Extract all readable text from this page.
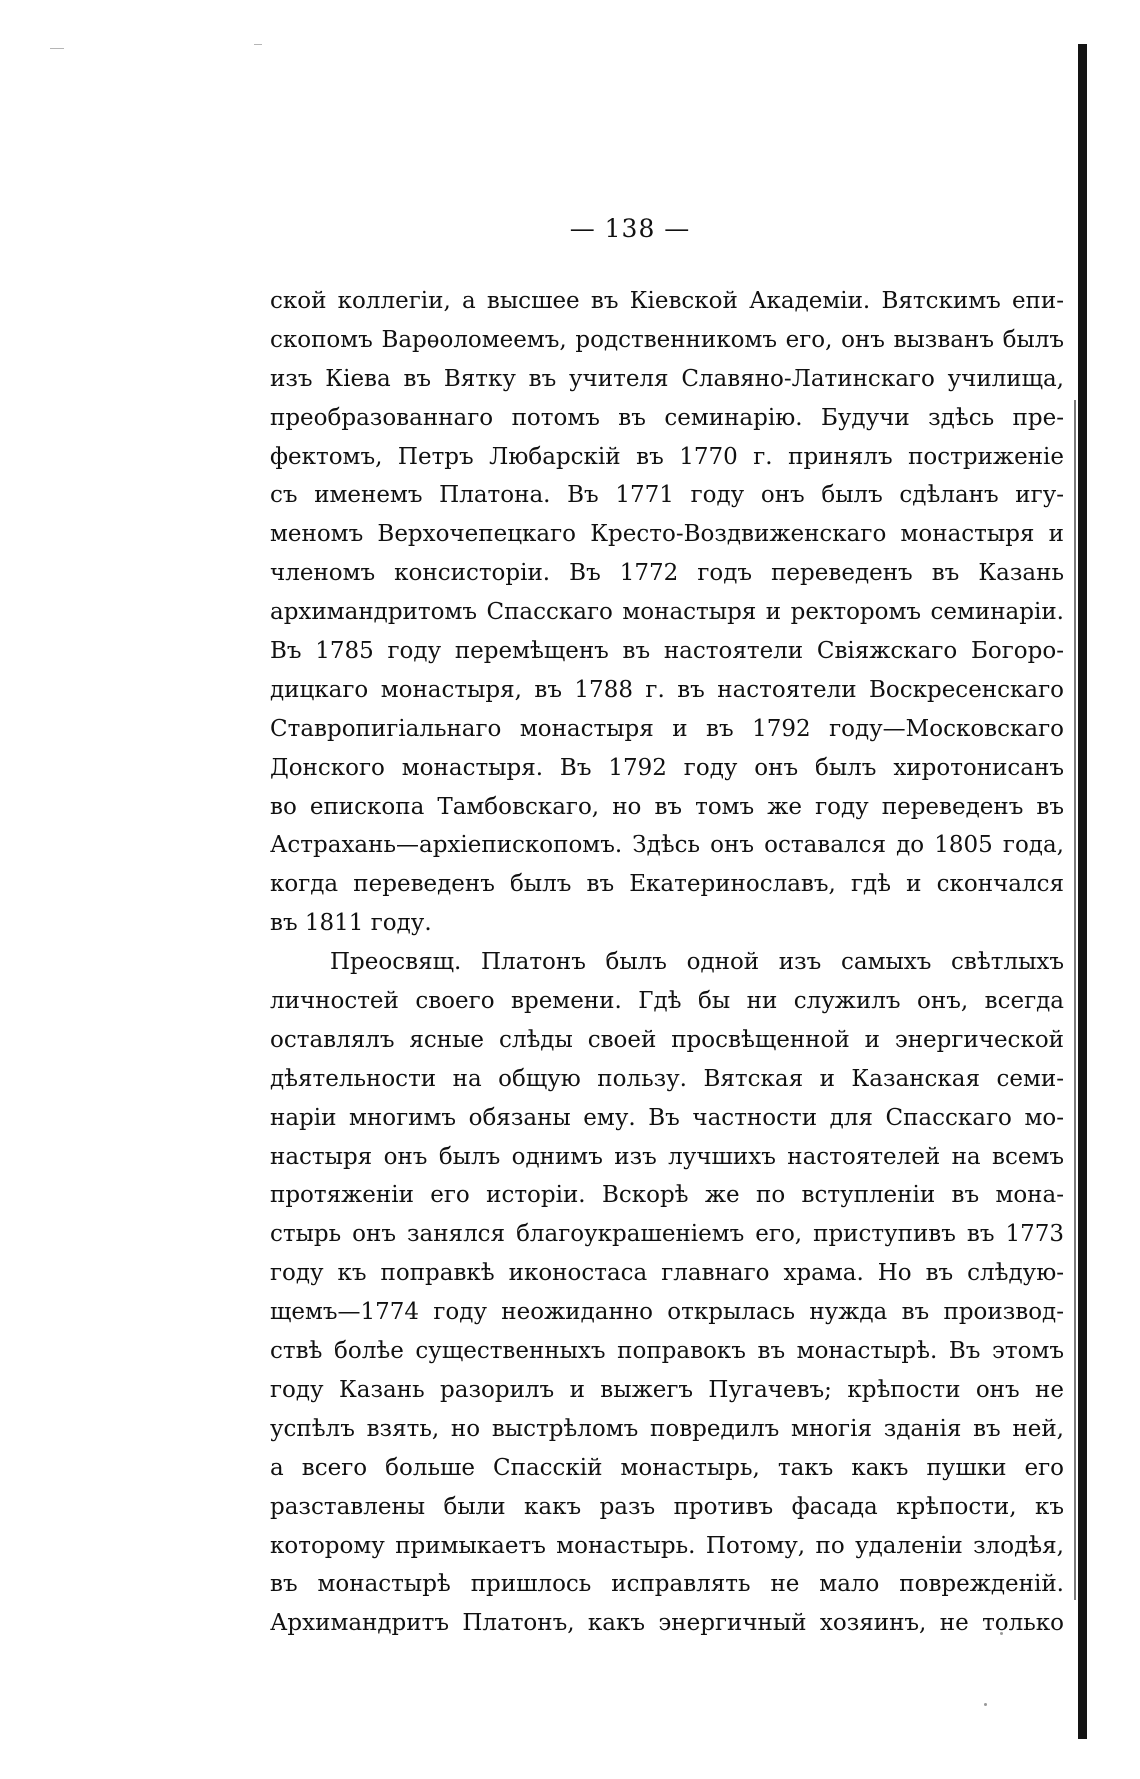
— 138 —
ской коллегіи, а высшее въ Кіевской Академіи. Вятскимъ епи-
скопомъ Варѳоломеемъ, родственникомъ его, онъ вызванъ былъ
изъ Кіева въ Вятку въ учителя Славяно-Латинскаго училища,
преобразованнаго потомъ въ семинарію. Будучи здѣсь пре-
фектомъ, Петръ Любарскій въ 1770 г. принялъ постриженіе
съ именемъ Платона. Въ 1771 году онъ былъ сдѣланъ игу-
меномъ Верхочепецкаго Кресто-Воздвиженскаго монастыря и
членомъ консисторіи. Въ 1772 годъ переведенъ въ Казань
архимандритомъ Спасскаго монастыря и ректоромъ семинаріи.
Въ 1785 году перемѣщенъ въ настоятели Свіяжскаго Богоро-
дицкаго монастыря, въ 1788 г. въ настоятели Воскресенскаго
Ставропигіальнаго монастыря и въ 1792 году—Московскаго
Донского монастыря. Въ 1792 году онъ былъ хиротонисанъ
во епископа Тамбовскаго, но въ томъ же году переведенъ въ
Астрахань—архіепископомъ. Здѣсь онъ оставался до 1805 года,
когда переведенъ былъ въ Екатеринославъ, гдѣ и скончался
въ 1811 году.
Преосвящ. Платонъ былъ одной изъ самыхъ свѣтлыхъ
личностей своего времени. Гдѣ бы ни служилъ онъ, всегда
оставлялъ ясные слѣды своей просвѣщенной и энергической
дѣятельности на общую пользу. Вятская и Казанская семи-
наріи многимъ обязаны ему. Въ частности для Спасскаго мо-
настыря онъ былъ однимъ изъ лучшихъ настоятелей на всемъ
протяженіи его исторіи. Вскорѣ же по вступленіи въ мона-
стырь онъ занялся благоукрашеніемъ его, приступивъ въ 1773
году къ поправкѣ иконостаса главнаго храма. Но въ слѣдую-
щемъ—1774 году неожиданно открылась нужда въ производ-
ствѣ болѣе существенныхъ поправокъ въ монастырѣ. Въ этомъ
году Казань разорилъ и выжегъ Пугачевъ; крѣпости онъ не
успѣлъ взять, но выстрѣломъ повредилъ многія зданія въ ней,
а всего больше Спасскій монастырь, такъ какъ пушки его
разставлены были какъ разъ противъ фасада крѣпости, къ
которому примыкаетъ монастырь. Потому, по удаленіи злодѣя,
въ монастырѣ пришлось исправлять не мало поврежденій.
Архимандритъ Платонъ, какъ энергичный хозяинъ, не только
